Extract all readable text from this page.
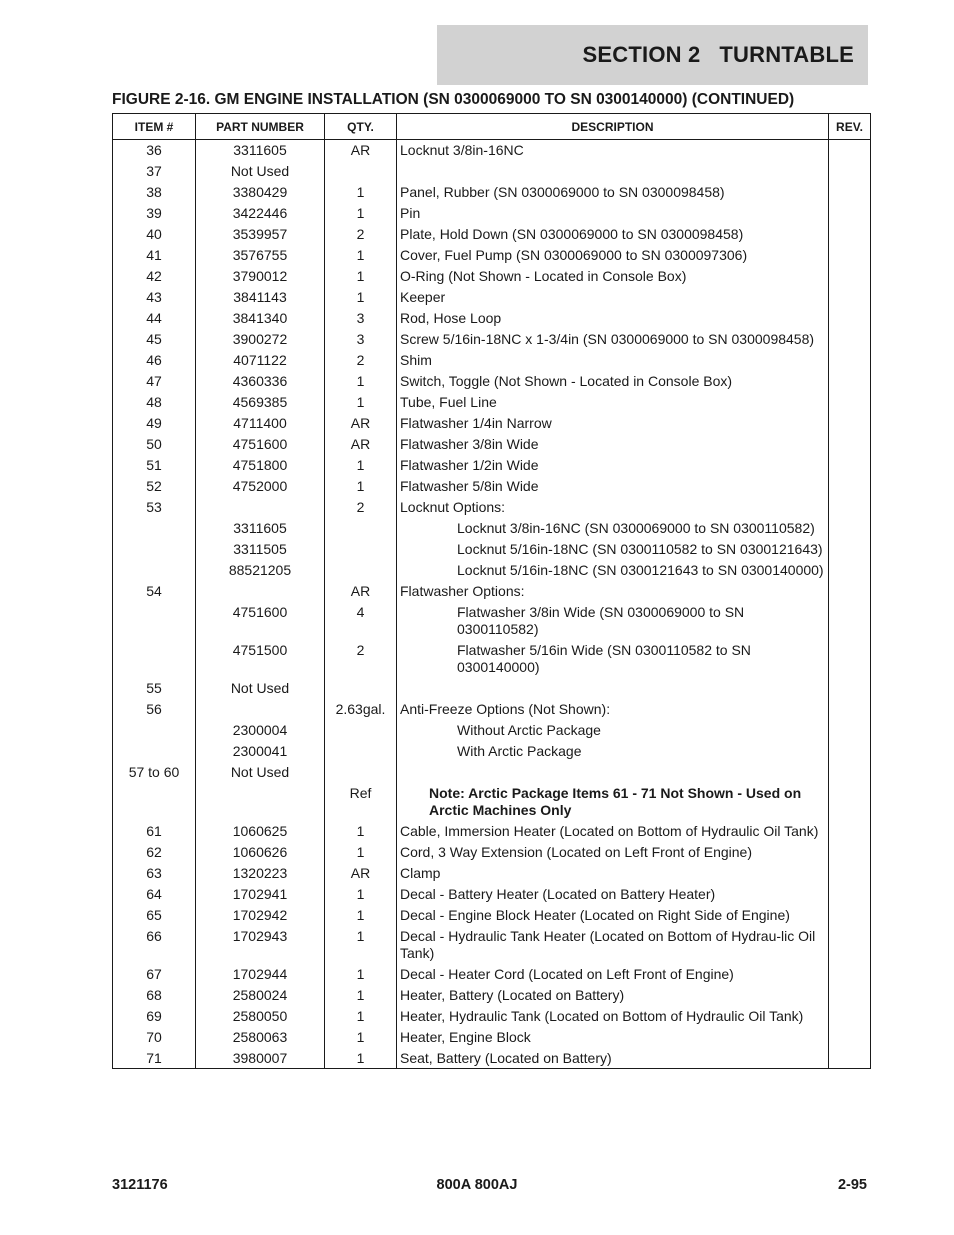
SECTION 2   TURNTABLE
FIGURE 2-16. GM ENGINE INSTALLATION (SN 0300069000 TO SN 0300140000) (CONTINUED)
ITEM #	PART NUMBER	QTY.	DESCRIPTION	REV.
36	3311605	AR	Locknut 3/8in-16NC	
37	Not Used			
38	3380429	1	Panel, Rubber (SN 0300069000 to SN 0300098458)	
39	3422446	1	Pin	
40	3539957	2	Plate, Hold Down (SN 0300069000 to SN 0300098458)	
41	3576755	1	Cover, Fuel Pump (SN 0300069000 to SN 0300097306)	
42	3790012	1	O-Ring (Not Shown - Located in Console Box)	
43	3841143	1	Keeper	
44	3841340	3	Rod, Hose Loop	
45	3900272	3	Screw 5/16in-18NC x 1-3/4in (SN 0300069000 to SN 0300098458)	
46	4071122	2	Shim	
47	4360336	1	Switch, Toggle (Not Shown - Located in Console Box)	
48	4569385	1	Tube, Fuel Line	
49	4711400	AR	Flatwasher 1/4in Narrow	
50	4751600	AR	Flatwasher 3/8in Wide	
51	4751800	1	Flatwasher 1/2in Wide	
52	4752000	1	Flatwasher 5/8in Wide	
53		2	Locknut Options:	
	3311605		Locknut 3/8in-16NC (SN 0300069000 to SN 0300110582)	
	3311505		Locknut 5/16in-18NC (SN 0300110582 to SN 0300121643)	
	88521205		Locknut 5/16in-18NC (SN 0300121643 to SN 0300140000)	
54		AR	Flatwasher Options:	
	4751600	4	Flatwasher 3/8in Wide (SN 0300069000 to SN 0300110582)	
	4751500	2	Flatwasher 5/16in Wide (SN 0300110582 to SN 0300140000)	
55	Not Used			
56		2.63gal.	Anti-Freeze Options (Not Shown):	
	2300004		Without Arctic Package	
	2300041		With Arctic Package	
57 to 60	Not Used			
		Ref	Note: Arctic Package Items 61 - 71 Not Shown - Used on Arctic Machines Only	
61	1060625	1	Cable, Immersion Heater (Located on Bottom of Hydraulic Oil Tank)	
62	1060626	1	Cord, 3 Way Extension (Located on Left Front of Engine)	
63	1320223	AR	Clamp	
64	1702941	1	Decal - Battery Heater (Located on Battery Heater)	
65	1702942	1	Decal - Engine Block Heater (Located on Right Side of Engine)	
66	1702943	1	Decal - Hydraulic Tank Heater (Located on Bottom of Hydrau-lic Oil Tank)	
67	1702944	1	Decal - Heater Cord (Located on Left Front of Engine)	
68	2580024	1	Heater, Battery (Located on Battery)	
69	2580050	1	Heater, Hydraulic Tank (Located on Bottom of Hydraulic Oil Tank)	
70	2580063	1	Heater, Engine Block	
71	3980007	1	Seat, Battery (Located on Battery)	
3121176	800A 800AJ	2-95
